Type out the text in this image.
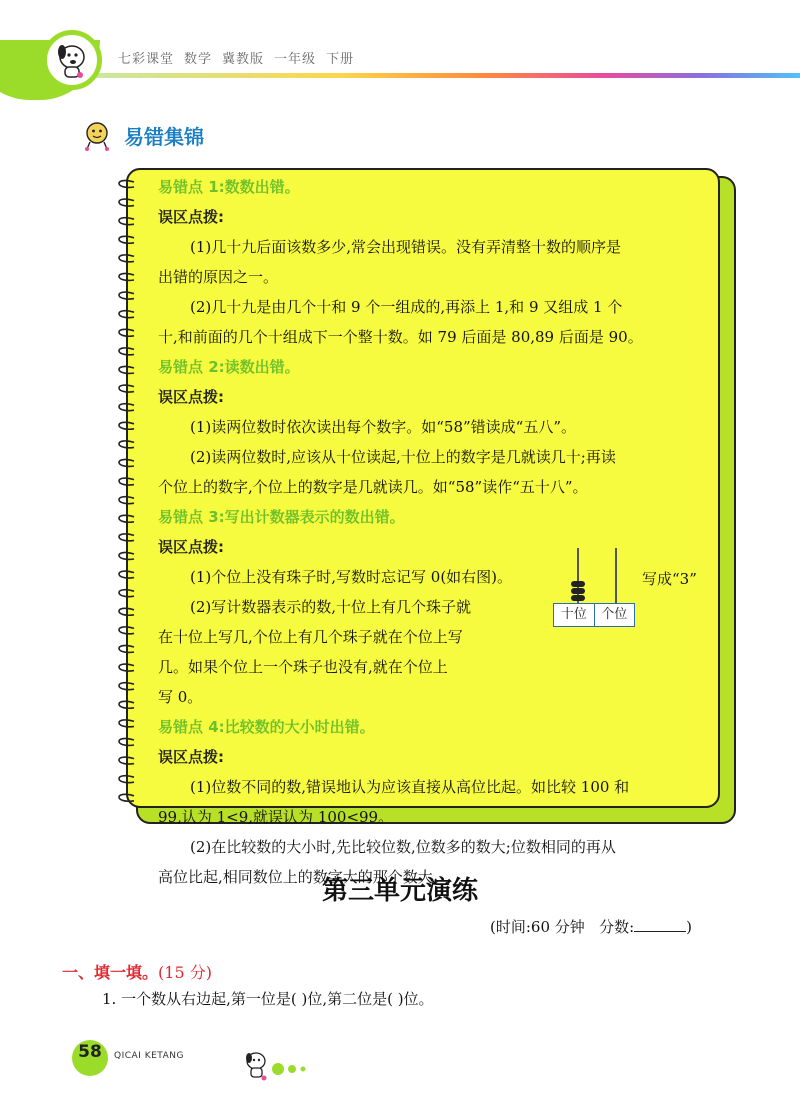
七彩课堂 数学 冀教版 一年级 下册
易错集锦
易错点 1:数数出错。
误区点拨:
(1)几十九后面该数多少,常会出现错误。没有弄清整十数的顺序是
出错的原因之一。
(2)几十九是由几个十和 9 个一组成的,再添上 1,和 9 又组成 1 个
十,和前面的几个十组成下一个整十数。如 79 后面是 80,89 后面是 90。
易错点 2:读数出错。
误区点拨:
(1)读两位数时依次读出每个数字。如“58”错读成“五八”。
(2)读两位数时,应该从十位读起,十位上的数字是几就读几十;再读
个位上的数字,个位上的数字是几就读几。如“58”读作“五十八”。
易错点 3:写出计数器表示的数出错。
误区点拨:
(1)个位上没有珠子时,写数时忘记写 0(如右图)。
(2)写计数器表示的数,十位上有几个珠子就
在十位上写几,个位上有几个珠子就在个位上写
几。如果个位上一个珠子也没有,就在个位上
写 0。
易错点 4:比较数的大小时出错。
误区点拨:
(1)位数不同的数,错误地认为应该直接从高位比起。如比较 100 和
99,认为 1<9,就误认为 100<99。
(2)在比较数的大小时,先比较位数,位数多的数大;位数相同的再从
高位比起,相同数位上的数字大的那个数大。
十位	个位
写成“3”
第三单元演练
(时间:60 分钟 分数:	)
一、填一填。(15 分)
1. 一个数从右边起,第一位是( )位,第二位是( )位。
58	QICAI KETANG
